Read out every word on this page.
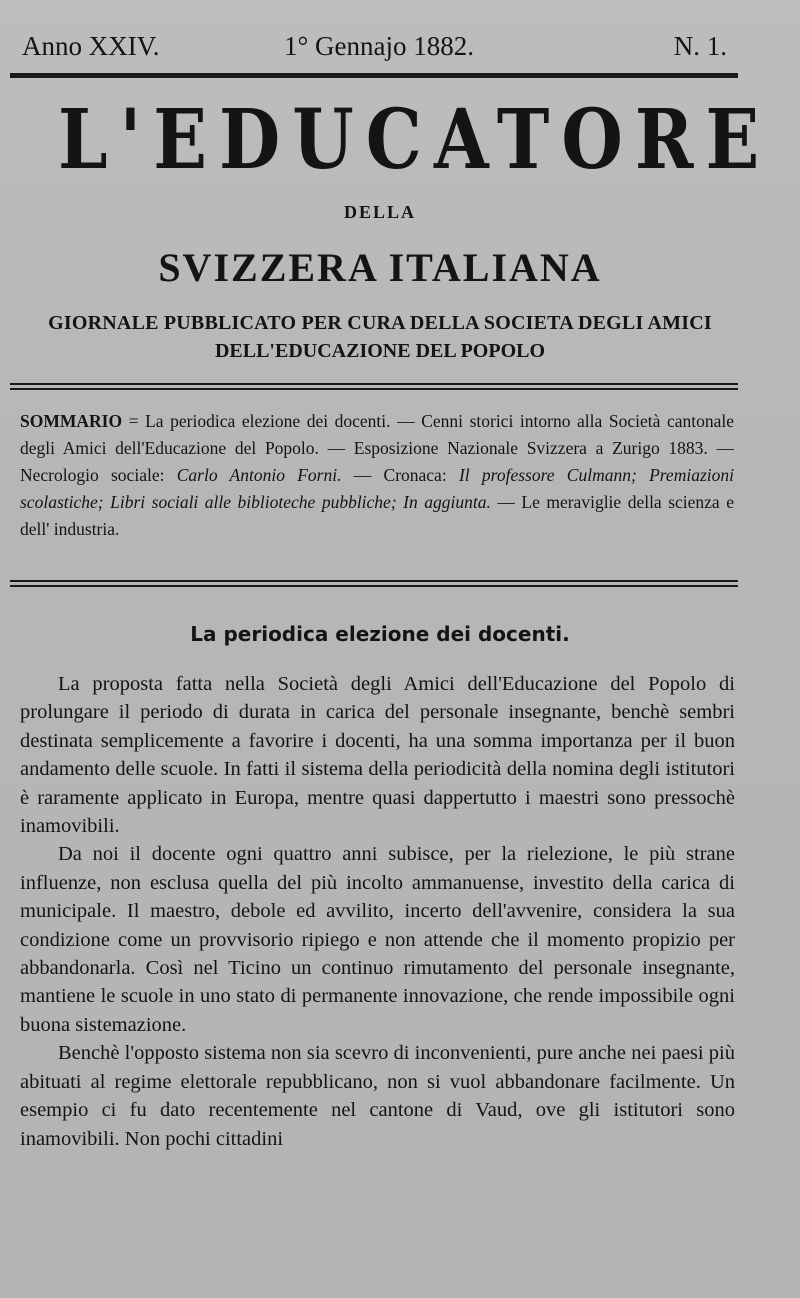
Anno XXIV.	1° Gennajo 1882.	N. 1.
L'EDUCATORE
DELLA
SVIZZERA ITALIANA
GIORNALE PUBBLICATO PER CURA DELLA SOCIETA DEGLI AMICI
DELL'EDUCAZIONE DEL POPOLO
SOMMARIO = La periodica elezione dei docenti. — Cenni storici intorno alla Società cantonale degli Amici dell'Educazione del Popolo. — Esposizione Nazionale Svizzera a Zurigo 1883. — Necrologio sociale: Carlo Antonio Forni. — Cronaca: Il professore Culmann; Premiazioni scolastiche; Libri sociali alle biblioteche pubbliche; In aggiunta. — Le meraviglie della scienza e dell' industria.
La periodica elezione dei docenti.

La proposta fatta nella Società degli Amici dell'Educazione del Popolo di prolungare il periodo di durata in carica del personale insegnante, benchè sembri destinata semplicemente a favorire i docenti, ha una somma importanza per il buon andamento delle scuole. In fatti il sistema della periodicità della nomina degli istitutori è raramente applicato in Europa, mentre quasi dappertutto i maestri sono pressochè inamovibili.

Da noi il docente ogni quattro anni subisce, per la rielezione, le più strane influenze, non esclusa quella del più incolto ammanuense, investito della carica di municipale. Il maestro, debole ed avvilito, incerto dell'avvenire, considera la sua condizione come un provvisorio ripiego e non attende che il momento propizio per abbandonarla. Così nel Ticino un continuo rimutamento del personale insegnante, mantiene le scuole in uno stato di permanente innovazione, che rende impossibile ogni buona sistemazione.

Benchè l'opposto sistema non sia scevro di inconvenienti, pure anche nei paesi più abituati al regime elettorale repubblicano, non si vuol abbandonare facilmente. Un esempio ci fu dato recentemente nel cantone di Vaud, ove gli istitutori sono inamovibili. Non pochi cittadini
